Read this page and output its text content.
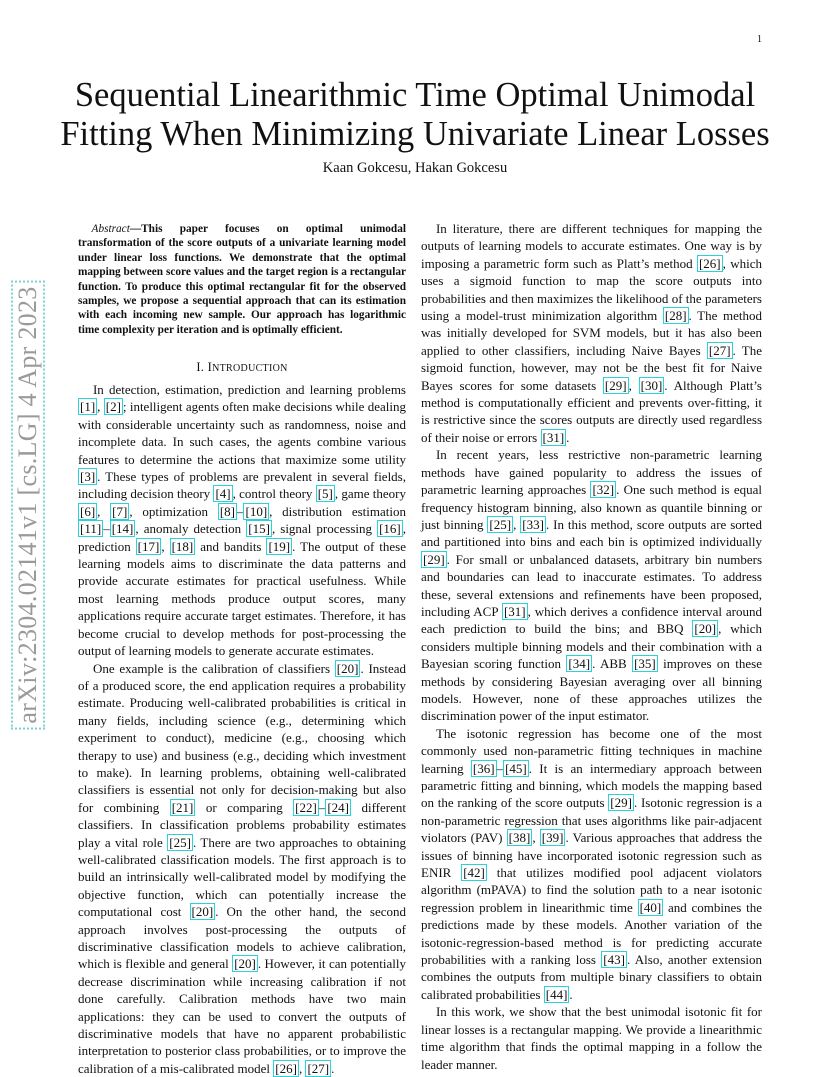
1
arXiv:2304.02141v1 [cs.LG] 4 Apr 2023
Sequential Linearithmic Time Optimal Unimodal Fitting When Minimizing Univariate Linear Losses
Kaan Gokcesu, Hakan Gokcesu
Abstract—This paper focuses on optimal unimodal transformation of the score outputs of a univariate learning model under linear loss functions. We demonstrate that the optimal mapping between score values and the target region is a rectangular function. To produce this optimal rectangular fit for the observed samples, we propose a sequential approach that can its estimation with each incoming new sample. Our approach has logarithmic time complexity per iteration and is optimally efficient.
I. INTRODUCTION

In detection, estimation, prediction and learning problems [1] , [2] ; intelligent agents often make decisions while dealing with considerable uncertainty such as randomness, noise and incomplete data. In such cases, the agents combine various features to determine the actions that maximize some utility [3] . These types of problems are prevalent in several fields, including decision theory [4] , control theory [5] , game theory [6] , [7] , optimization [8] – [10] , distribution estimation [11] – [14] , anomaly detection [15] , signal processing [16] , prediction [17] , [18] and bandits [19] . The output of these learning models aims to discriminate the data patterns and provide accurate estimates for practical usefulness. While most learning methods produce output scores, many applications require accurate target estimates. Therefore, it has become crucial to develop methods for post-processing the output of learning models to generate accurate estimates.

One example is the calibration of classifiers [20] . Instead of a produced score, the end application requires a probability estimate. Producing well-calibrated probabilities is critical in many fields, including science (e.g., determining which experiment to conduct), medicine (e.g., choosing which therapy to use) and business (e.g., deciding which investment to make). In learning problems, obtaining well-calibrated classifiers is essential not only for decision-making but also for combining [21] or comparing [22] – [24] different classifiers. In classification problems probability estimates play a vital role [25] . There are two approaches to obtaining well-calibrated classification models. The first approach is to build an intrinsically well-calibrated model by modifying the objective function, which can potentially increase the computational cost [20] . On the other hand, the second approach involves post-processing the outputs of discriminative classification models to achieve calibration, which is flexible and general [20] . However, it can potentially decrease discrimination while increasing calibration if not done carefully. Calibration methods have two main applications: they can be used to convert the outputs of discriminative models that have no apparent probabilistic interpretation to posterior class probabilities, or to improve the calibration of a mis-calibrated model [26] , [27] .

In literature, there are different techniques for mapping the outputs of learning models to accurate estimates. One way is by imposing a parametric form such as Platt’s method [26] , which uses a sigmoid function to map the score outputs into probabilities and then maximizes the likelihood of the parameters using a model-trust minimization algorithm [28] . The method was initially developed for SVM models, but it has also been applied to other classifiers, including Naive Bayes [27] . The sigmoid function, however, may not be the best fit for Naive Bayes scores for some datasets [29] , [30] . Although Platt’s method is computationally efficient and prevents over-fitting, it is restrictive since the scores outputs are directly used regardless of their noise or errors [31] .

In recent years, less restrictive non-parametric learning methods have gained popularity to address the issues of parametric learning approaches [32] . One such method is equal frequency histogram binning, also known as quantile binning or just binning [25] , [33] . In this method, score outputs are sorted and partitioned into bins and each bin is optimized individually [29] . For small or unbalanced datasets, arbitrary bin numbers and boundaries can lead to inaccurate estimates. To address these, several extensions and refinements have been proposed, including ACP [31] , which derives a confidence interval around each prediction to build the bins; and BBQ [20] , which considers multiple binning models and their combination with a Bayesian scoring function [34] . ABB [35] improves on these methods by considering Bayesian averaging over all binning models. However, none of these approaches utilizes the discrimination power of the input estimator.

The isotonic regression has become one of the most commonly used non-parametric fitting techniques in machine learning [36] – [45] . It is an intermediary approach between parametric fitting and binning, which models the mapping based on the ranking of the score outputs [29] . Isotonic regression is a non-parametric regression that uses algorithms like pair-adjacent violators (PAV) [38] , [39] . Various approaches that address the issues of binning have incorporated isotonic regression such as ENIR [42] that utilizes modified pool adjacent violators algorithm (mPAVA) to find the solution path to a near isotonic regression problem in linearithmic time [40] and combines the predictions made by these models. Another variation of the isotonic-regression-based method is for predicting accurate probabilities with a ranking loss [43] . Also, another extension combines the outputs from multiple binary classifiers to obtain calibrated probabilities [44] .

In this work, we show that the best unimodal isotonic fit for linear losses is a rectangular mapping. We provide a linearithmic time algorithm that finds the optimal mapping in a follow the leader manner.
